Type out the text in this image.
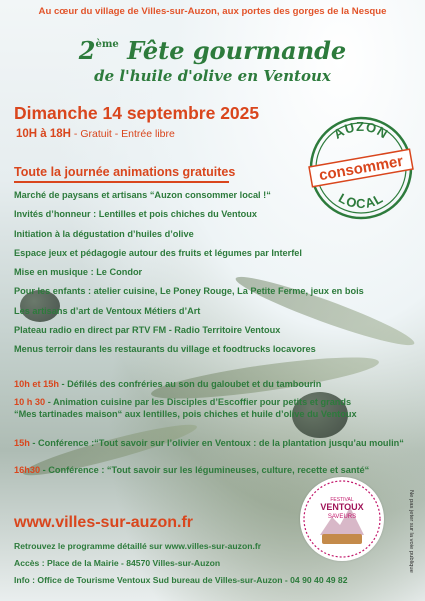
Au cœur du village de Villes-sur-Auzon, aux portes des gorges de la Nesque
2ème Fête gourmande
de l'huile d'olive en Ventoux
Dimanche 14 septembre 2025
10H à 18H - Gratuit - Entrée libre	AUZON
consommer
LOCAL
Toute la journée animations gratuites
Marché de paysans et artisans “Auzon consommer local !“
Invités d’honneur : Lentilles et pois chiches du Ventoux
Initiation à la dégustation d’huiles d’olive
Espace jeux et pédagogie autour des fruits et légumes par Interfel
Mise en musique : Le Condor
Pour les enfants : atelier cuisine, Le Poney Rouge, La Petite Ferme, jeux en bois
Les artisans d’art de Ventoux Métiers d’Art
Plateau radio en direct par RTV FM - Radio Territoire Ventoux
Menus terroir dans les restaurants du village et foodtrucks locavores
10h et 15h - Défilés des confréries au son du galoubet et du tambourin
10 h 30 - Animation cuisine par les Disciples d’Escoffier pour petits et grands
“Mes tartinades maison“ aux lentilles, pois chiches et huile d’olive du Ventoux
15h - Conférence :“Tout savoir sur l’olivier en Ventoux : de la plantation jusqu’au moulin“
16h30 - Conférence : “Tout savoir sur les légumineuses, culture, recette et santé“
www.villes-sur-auzon.fr
Retrouvez le programme détaillé sur www.villes-sur-auzon.fr
Accès : Place de la Mairie - 84570 Villes-sur-Auzon
Info : Office de Tourisme Ventoux Sud bureau de Villes-sur-Auzon - 04 90 40 49 82
FESTIVAL
VENTOUX
SAVEURS	Ne pas jeter sur la voie publique
